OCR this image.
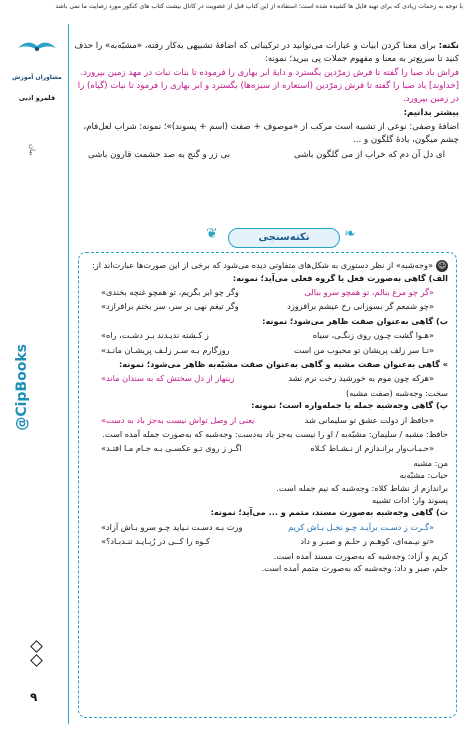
با توجه به زحمات زیادی که برای تهیه فایل ها کشیده شده است؛ استفاده از این کتاب قبل از عضویت در کانال بیشت کتاب های کنکور مورد رضایت ما نمی باشد
مشاوران آموزش
قلمرو ادبی
بیان
@CipBooks
۹

نکته: برای معنا کردن ابیات و عبارات می‌توانید در ترکیباتی که اضافهٔ تشبیهی به‌کار رفته، «مشبّه‌به» را حذف کنید تا سریع‌تر به معنا و مفهوم جملات پی ببرید؛ نمونه:

فراش باد صبا را گفته تا فرش زمرّدین بگسترد و دایهٔ ابر بهاری را فرموده تا بنات نبات در مهد زمین بپرورد. [خداوند] باد صبا را گفته تا فرش زمرّدین (استعاره از سبزه‌ها) بگسترد و ابر بهاری را فرمود تا نبات (گیاه) را در زمین بپرورد.

بیشتر بدانیم:

اضافهٔ وصفی: نوعی از تشبیه است مرکب از «موصوف + صفت (اسم + پسوند)»؛ نمونه: شراب لعل‌فام، چشم میگون، بادهٔ گلگون و ...

ای دل آن دم که خراب از می گلگون باشی
بی زر و گنج به صد حشمت قارون باشی
❦	نکته‌سنجی	❧

☺«وجه‌شبه» از نظر دستوری به شکل‌های متفاوتی دیده می‌شود که برخی از این صورت‌ها عبارت‌اند از:

الف) گاهی به‌صورت فعل یا گروه فعلی می‌آید؛ نمونه:

«گر چو مرغ بنالم، تو همچو سرو ببالی
وگر چو ابر بگریم، تو همچو غنچه بخندی»
«چو شمعم گر بسوزانی رخ عیشم برافروزد
وگر تیغم نهی بر سر، سر بختم برافرازد»

ب) گاهی به‌عنوان صفت ظاهر می‌شود؛ نمونه:

«هـوا گشت چـون روی زنگـی، سیاه
ز کـشته ندیـدند بـر دشـت، راه»
«تـا سر زلف پریشان تو محبوب من است
روزگارم بـه سـر زلـف پریشـان مانـد»

» گاهی به‌عنوان صفت مشبه و گاهی به‌عنوان صفت مشبّه‌به ظاهر می‌شود؛ نمونه:

«هرکه چون موم به خورشید رخت نرم نشد
زینهار از دل سختش که به سندان ماند»

سخت: وجه‌شبه (صفت مشبه)

پ) گاهی وجه‌شبه جمله یا جمله‌واره است؛ نمونه:

«حافظ از دولت عشق تو سلیمانی شد
یعنی از وصل تواش نیست به‌جز باد به دست»

حافظ: مشبه / سلیمان: مشبّه‌به / او را نیست به‌جز باد به‌دست: وجه‌شبه که به‌صورت جمله آمده است.

«حـبـاب‌وار برانـدازم از نـشـاط کـلاه
اگـر ز روی تـو عکسـی بـه جـام مـا افتـد»

من: مشبه

حباب: مشبّه‌به

براندازم از نشاط کلاه: وجه‌شبه که نیم جمله است.

پسوند وار: ادات تشبیه

ت) گاهی وجه‌شبه به‌صورت مسند، متمم و ... می‌آید؛ نمونه:

«گـرت ز دسـت برآیـد چـو نخـل بـاش کریم
ورت بـه دسـت نـیاید چـو سرو بـاش آزاد»
«تو نیـمه‌ای، کوهـم ز حلـم و صبـر و داد
کـوه را کــی در رُبـایـد تنـدبـاد؟»

کریم و آزاد: وجه‌شبه که به‌صورت مسند آمده است.

حلم، صبر و داد: وجه‌شبه که به‌صورت متمم آمده است.
